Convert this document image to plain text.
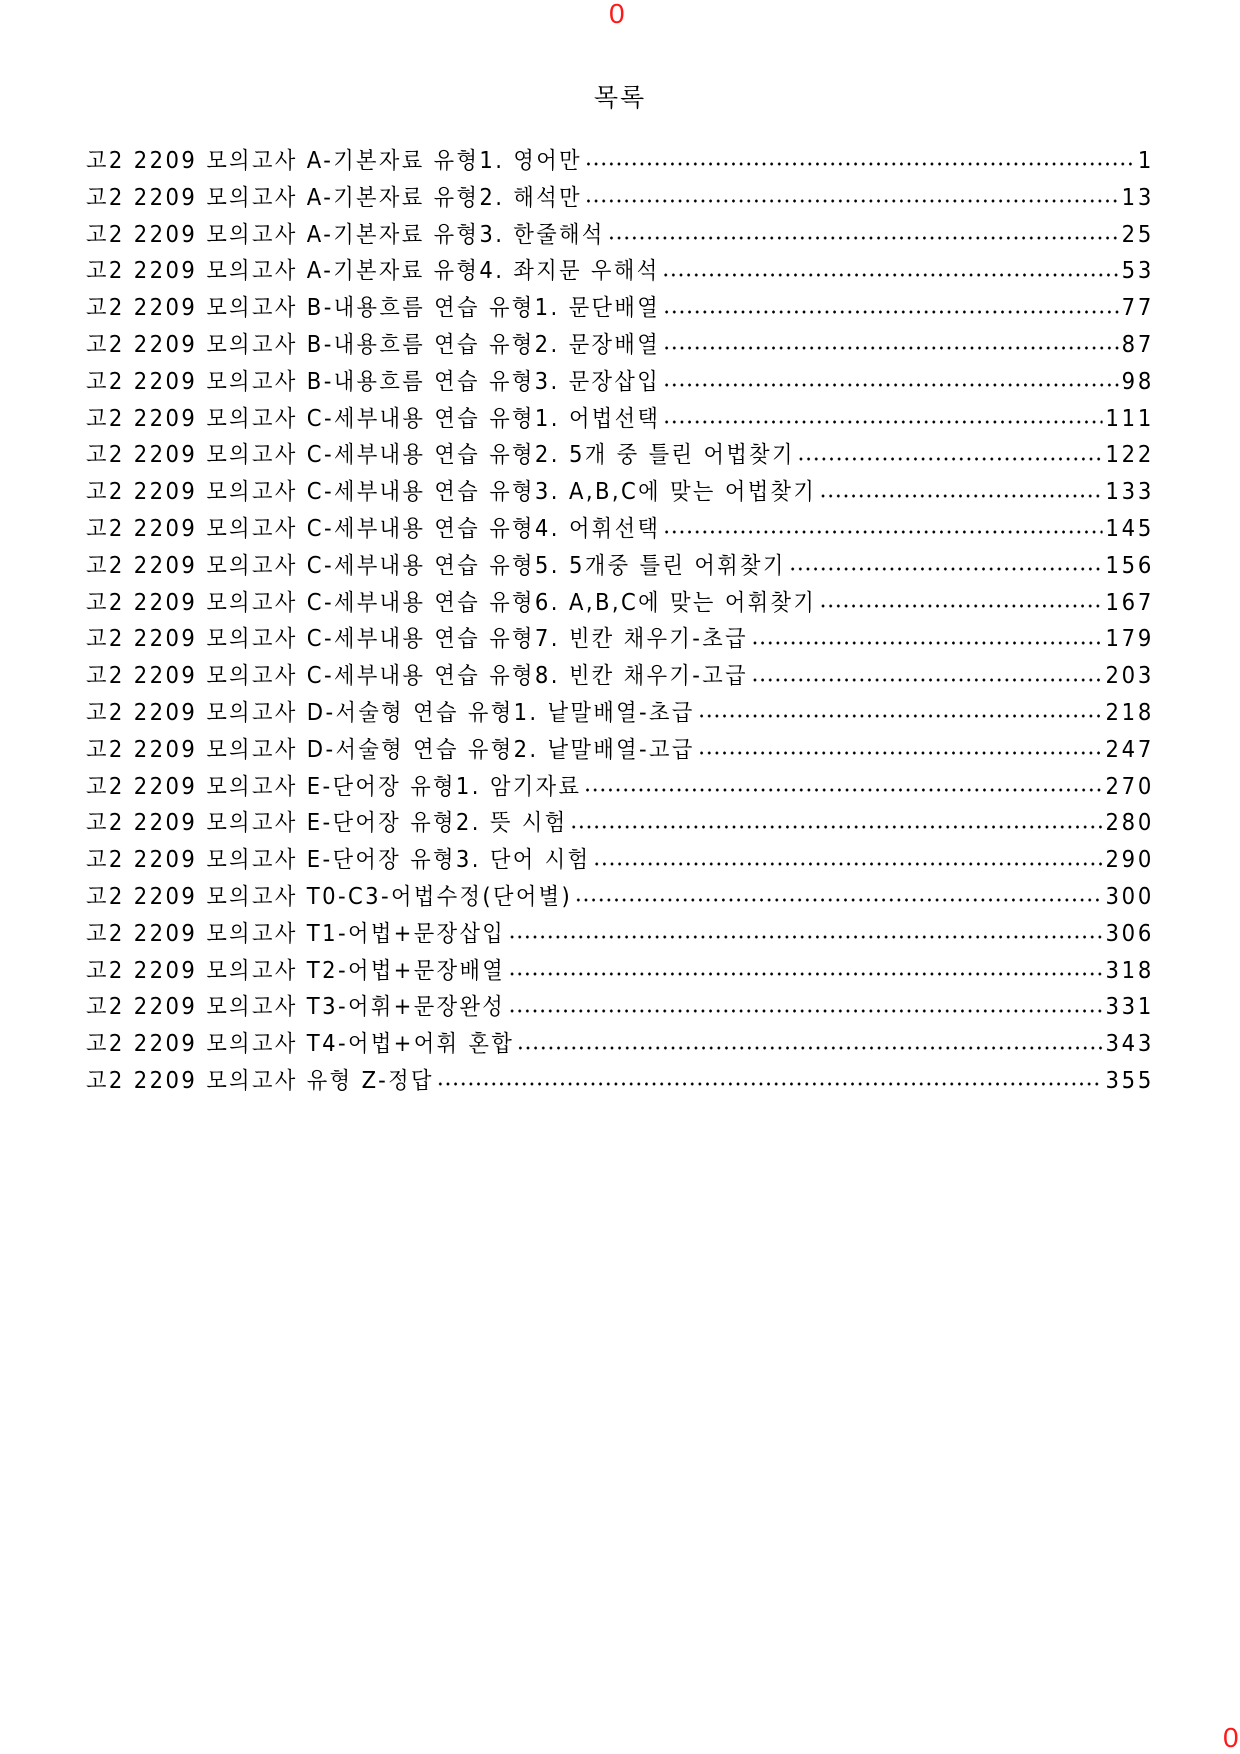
0
목록
고2 2209 모의고사 A-기본자료 유형1. 영어만	1
고2 2209 모의고사 A-기본자료 유형2. 해석만	13
고2 2209 모의고사 A-기본자료 유형3. 한줄해석	25
고2 2209 모의고사 A-기본자료 유형4. 좌지문 우해석	53
고2 2209 모의고사 B-내용흐름 연습 유형1. 문단배열	77
고2 2209 모의고사 B-내용흐름 연습 유형2. 문장배열	87
고2 2209 모의고사 B-내용흐름 연습 유형3. 문장삽입	98
고2 2209 모의고사 C-세부내용 연습 유형1. 어법선택	111
고2 2209 모의고사 C-세부내용 연습 유형2. 5개 중 틀린 어법찾기	122
고2 2209 모의고사 C-세부내용 연습 유형3. A,B,C에 맞는 어법찾기	133
고2 2209 모의고사 C-세부내용 연습 유형4. 어휘선택	145
고2 2209 모의고사 C-세부내용 연습 유형5. 5개중 틀린 어휘찾기	156
고2 2209 모의고사 C-세부내용 연습 유형6. A,B,C에 맞는 어휘찾기	167
고2 2209 모의고사 C-세부내용 연습 유형7. 빈칸 채우기-초급	179
고2 2209 모의고사 C-세부내용 연습 유형8. 빈칸 채우기-고급	203
고2 2209 모의고사 D-서술형 연습 유형1. 낱말배열-초급	218
고2 2209 모의고사 D-서술형 연습 유형2. 낱말배열-고급	247
고2 2209 모의고사 E-단어장 유형1. 암기자료	270
고2 2209 모의고사 E-단어장 유형2. 뜻 시험	280
고2 2209 모의고사 E-단어장 유형3. 단어 시험	290
고2 2209 모의고사 T0-C3-어법수정(단어별)	300
고2 2209 모의고사 T1-어법+문장삽입	306
고2 2209 모의고사 T2-어법+문장배열	318
고2 2209 모의고사 T3-어휘+문장완성	331
고2 2209 모의고사 T4-어법+어휘 혼합	343
고2 2209 모의고사 유형 Z-정답	355
0
